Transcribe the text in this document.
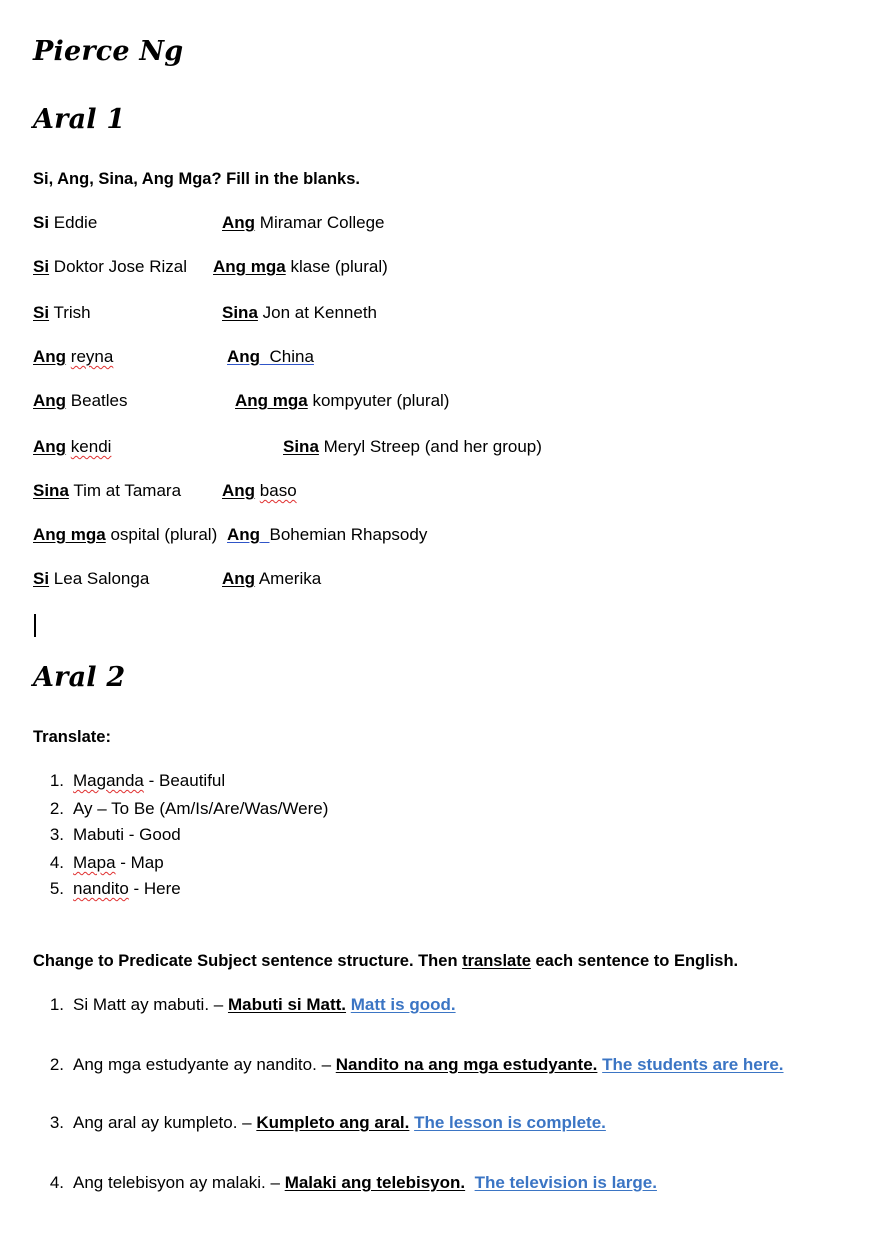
Pierce Ng
Aral 1
Si, Ang, Sina, Ang Mga? Fill in the blanks.
Si Eddie
Si Doktor Jose Rizal
Si Trish
Ang reyna
Ang Beatles
Ang kendi
Sina Tim at Tamara
Ang mga ospital (plural)
Si Lea Salonga
Ang Miramar College
Ang mga klase (plural)
Sina Jon at Kenneth
Ang China
Ang mga kompyuter (plural)
Sina Meryl Streep (and her group)
Ang baso
Ang Bohemian Rhapsody
Ang Amerika
Aral 2
Translate:
1. Maganda - Beautiful
2. Ay – To Be (Am/Is/Are/Was/Were)
3. Mabuti - Good
4. Mapa - Map
5. nandito - Here
Change to Predicate Subject sentence structure. Then translate each sentence to English.
1. Si Matt ay mabuti. – Mabuti si Matt. Matt is good.
2. Ang mga estudyante ay nandito. – Nandito na ang mga estudyante. The students are here.
3. Ang aral ay kumpleto. – Kumpleto ang aral. The lesson is complete.
4. Ang telebisyon ay malaki. – Malaki ang telebisyon. The television is large.
